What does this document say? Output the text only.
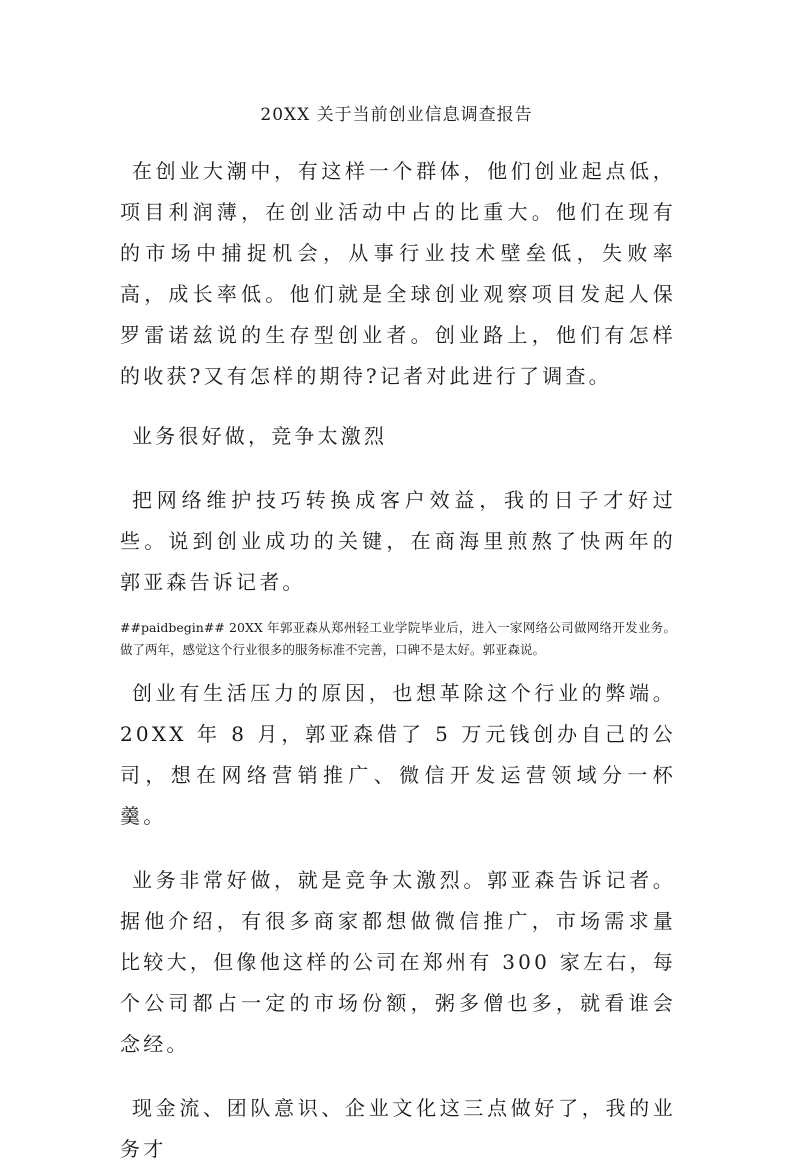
20XX 关于当前创业信息调查报告

在创业大潮中，有这样一个群体，他们创业起点低，项目利润薄，在创业活动中占的比重大。他们在现有的市场中捕捉机会，从事行业技术壁垒低，失败率高，成长率低。他们就是全球创业观察项目发起人保罗雷诺兹说的生存型创业者。创业路上，他们有怎样的收获?又有怎样的期待?记者对此进行了调查。

业务很好做，竞争太激烈

把网络维护技巧转换成客户效益，我的日子才好过些。说到创业成功的关键，在商海里煎熬了快两年的郭亚森告诉记者。

##paidbegin## 20XX 年郭亚森从郑州轻工业学院毕业后，进入一家网络公司做网络开发业务。做了两年，感觉这个行业很多的服务标准不完善，口碑不是太好。郭亚森说。

创业有生活压力的原因，也想革除这个行业的弊端。20XX 年 8 月，郭亚森借了 5 万元钱创办自己的公司，想在网络营销推广、微信开发运营领域分一杯羹。

业务非常好做，就是竞争太激烈。郭亚森告诉记者。据他介绍，有很多商家都想做微信推广，市场需求量比较大，但像他这样的公司在郑州有 300 家左右，每个公司都占一定的市场份额，粥多僧也多，就看谁会念经。

现金流、团队意识、企业文化这三点做好了，我的业务才
